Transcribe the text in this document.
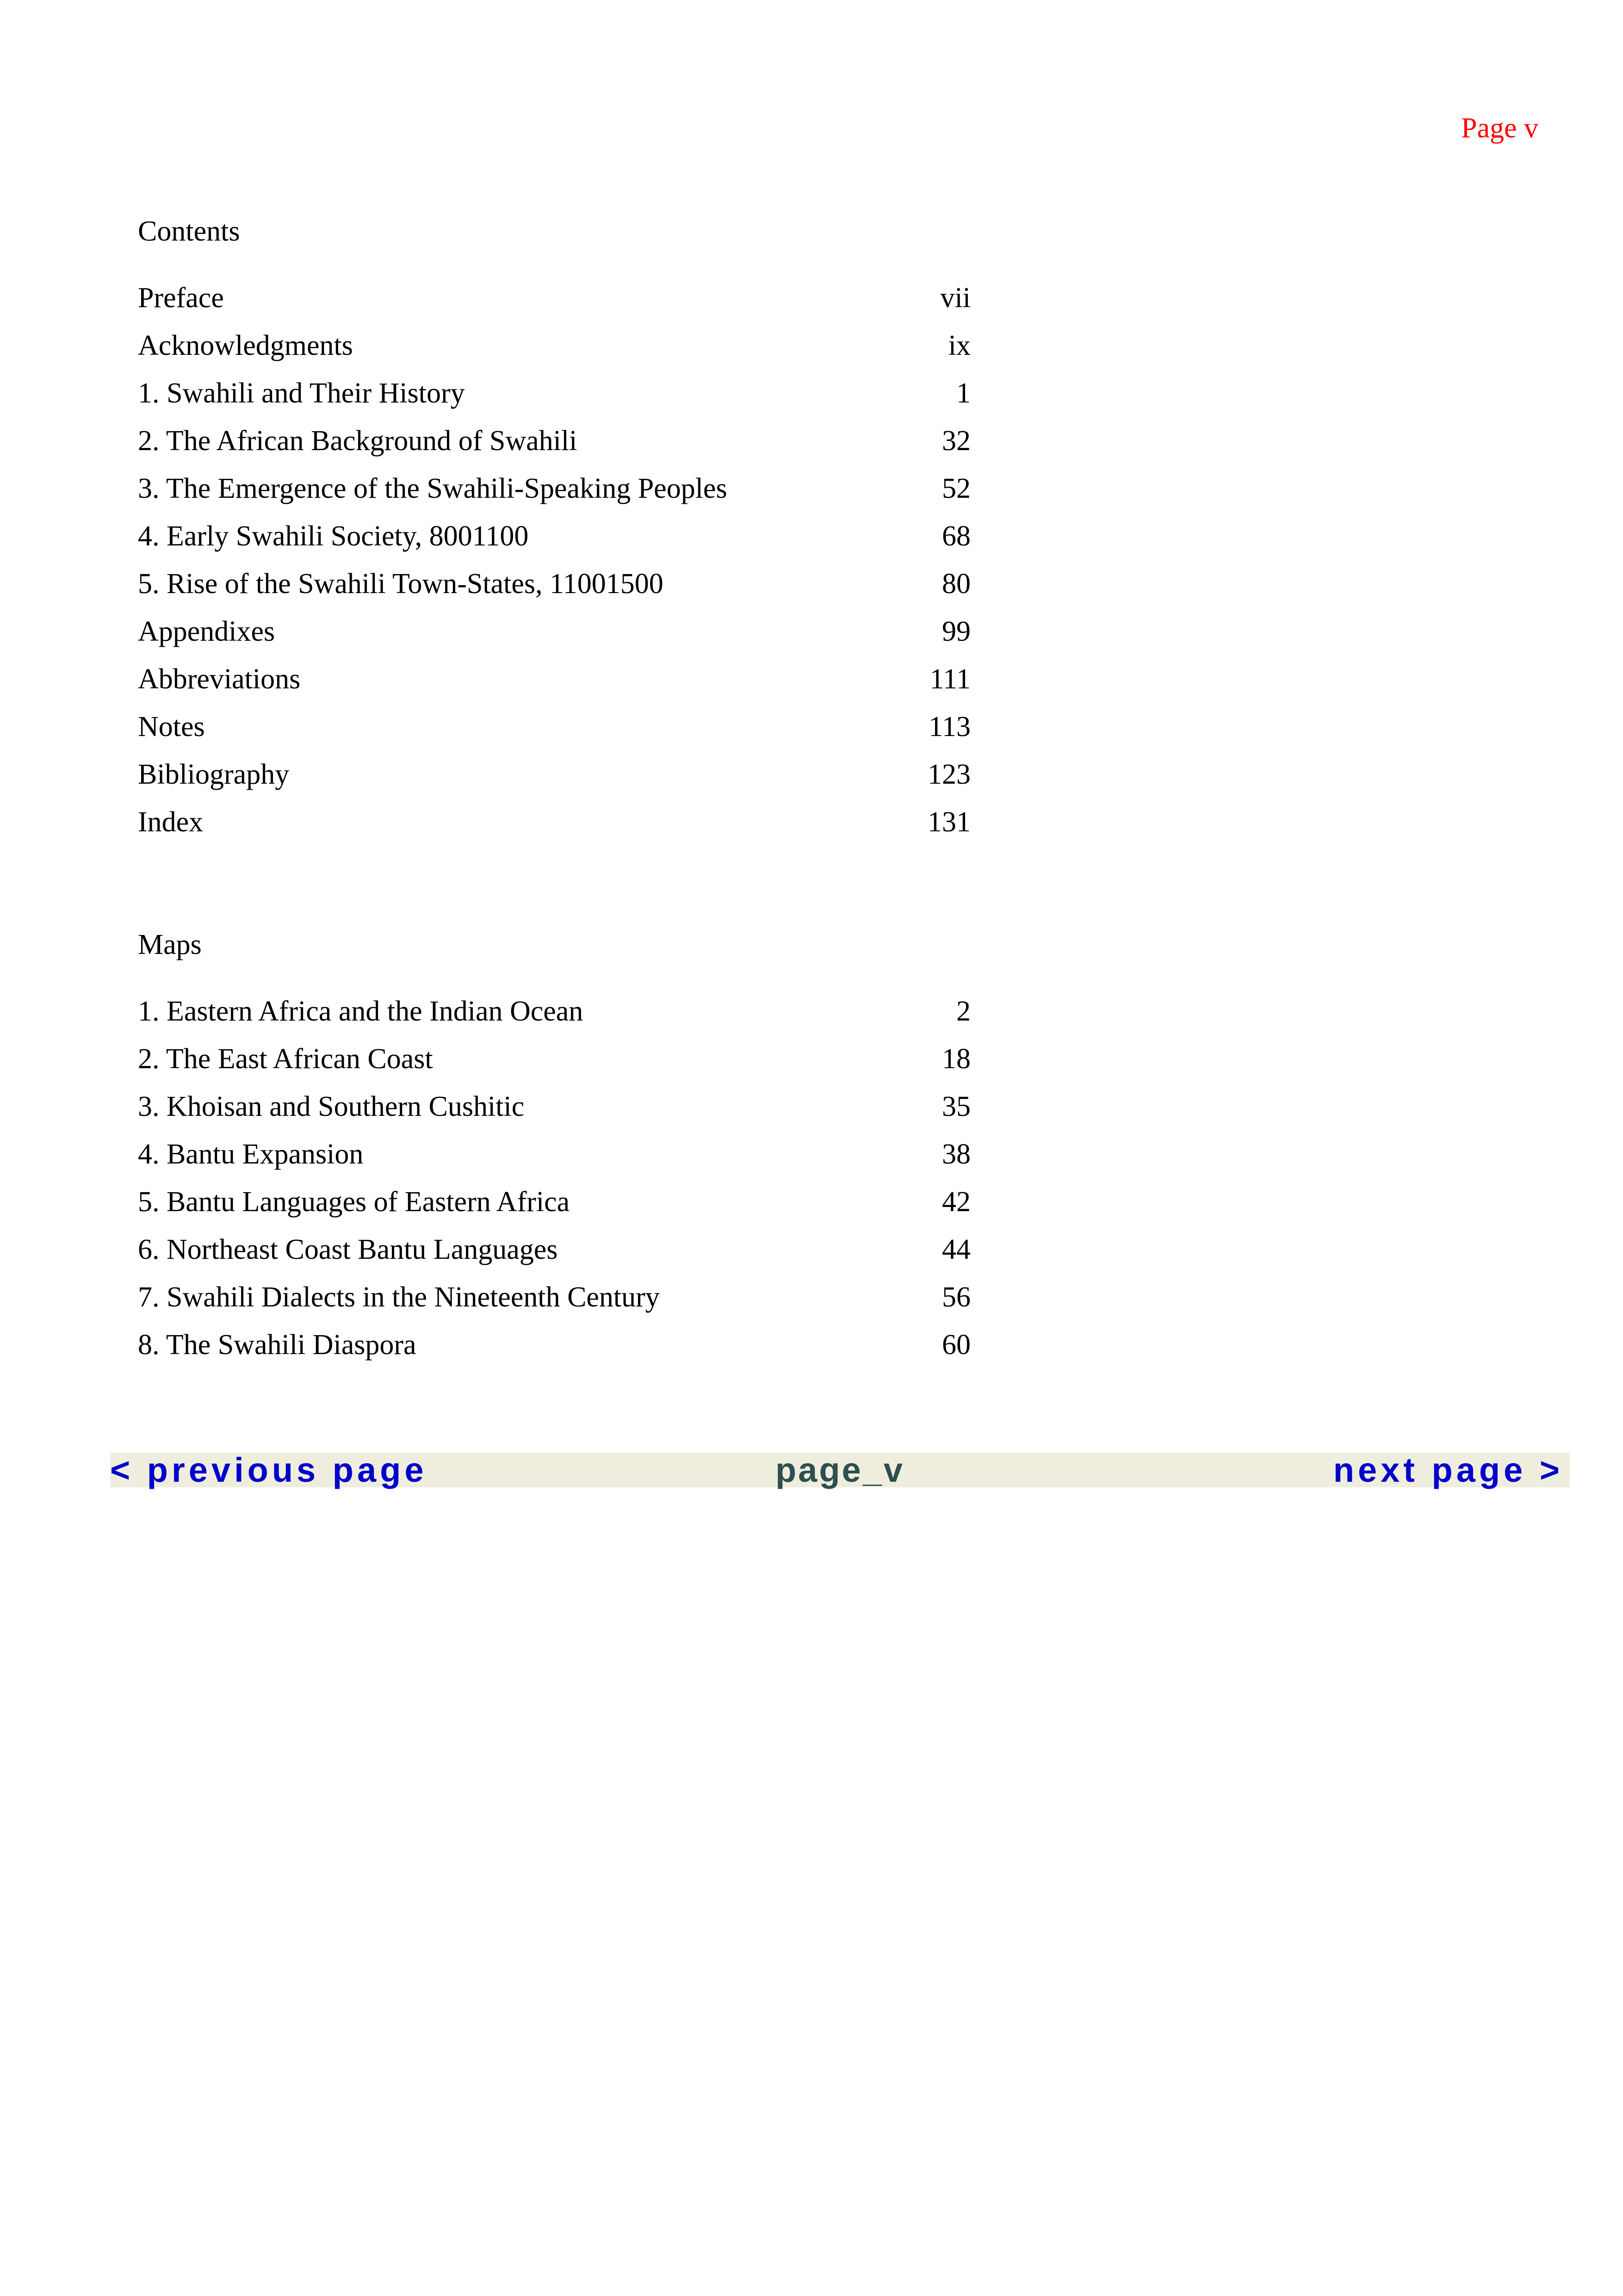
Page v
Contents
Preface	vii
Acknowledgments	ix
1. Swahili and Their History	1
2. The African Background of Swahili	32
3. The Emergence of the Swahili-Speaking Peoples	52
4. Early Swahili Society, 8001100	68
5. Rise of the Swahili Town-States, 11001500	80
Appendixes	99
Abbreviations	111
Notes	113
Bibliography	123
Index	131
Maps
1. Eastern Africa and the Indian Ocean	2
2. The East African Coast	18
3. Khoisan and Southern Cushitic	35
4. Bantu Expansion	38
5. Bantu Languages of Eastern Africa	42
6. Northeast Coast Bantu Languages	44
7. Swahili Dialects in the Nineteenth Century	56
8. The Swahili Diaspora	60
< previous page	page_v	next page >
